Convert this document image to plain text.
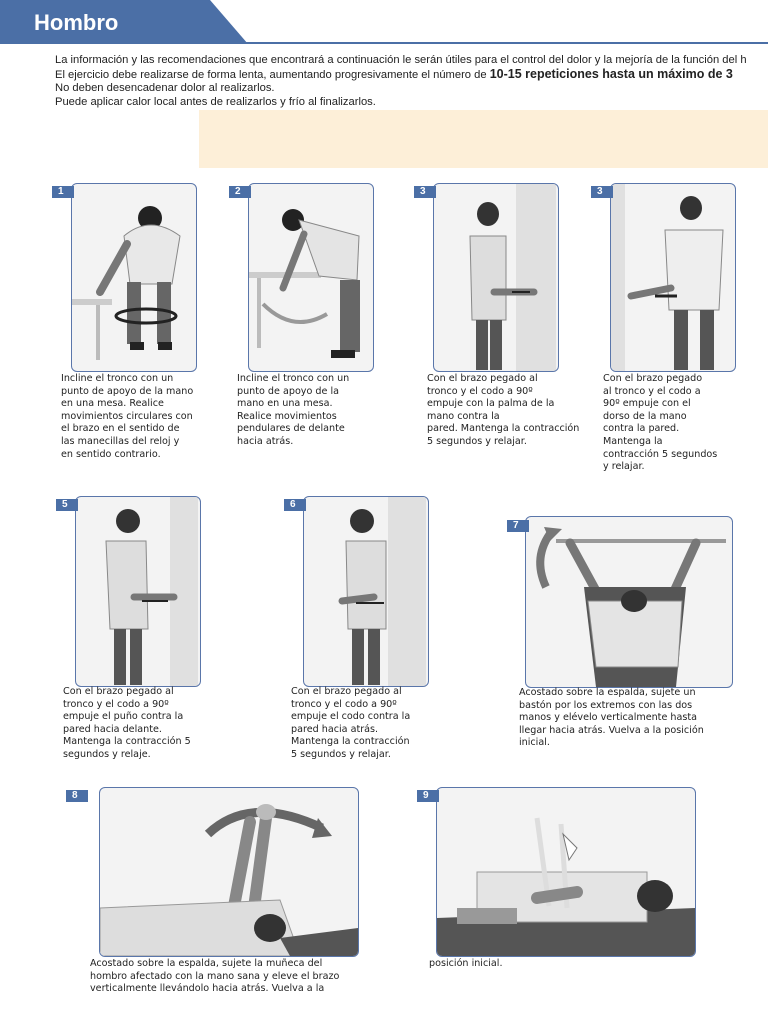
Hombro
La información y las recomendaciones que encontrará a continuación le serán útiles para el control del dolor y la mejoría de la función del h
El ejercicio debe realizarse de forma lenta, aumentando progresivamente el número de 10-15 repeticiones hasta un máximo de 3
No deben desencadenar dolor al realizarlos.
Puede aplicar calor local antes de realizarlos y frío al finalizarlos.
1
Incline el tronco con un
punto de apoyo de la mano
en una mesa. Realice
movimientos circulares con
el brazo en el sentido de
las manecillas del reloj y
en sentido contrario.
2
Incline el tronco con un
punto de apoyo de la
mano en una mesa.
Realice movimientos
pendulares de delante
hacia atrás.
3
Con el brazo pegado al
tronco y el codo a 90º
empuje con la palma de la
mano contra la
pared. Mantenga la contracción
5 segundos y relajar.
3
Con el brazo pegado
al tronco y el codo a
90º empuje con el
dorso de la mano
contra la pared.
Mantenga la
contracción 5 segundos
y relajar.
5
Con el brazo pegado al
tronco y el codo a 90º
empuje el puño contra la
pared hacia delante.
Mantenga la contracción 5
segundos y relaje.
6
Con el brazo pegado al
tronco y el codo a 90º
empuje el codo contra la
pared hacia atrás.
Mantenga la contracción
5 segundos y relajar.
7
Acostado sobre la espalda, sujete un
bastón por los extremos con las dos
manos y elévelo verticalmente hasta
llegar hacia atrás. Vuelva a la posición
inicial.
8
Acostado sobre la espalda, sujete la muñeca del
hombro afectado con la mano sana y eleve el brazo
verticalmente llevándolo hacia atrás. Vuelva a la
9
posición inicial.
